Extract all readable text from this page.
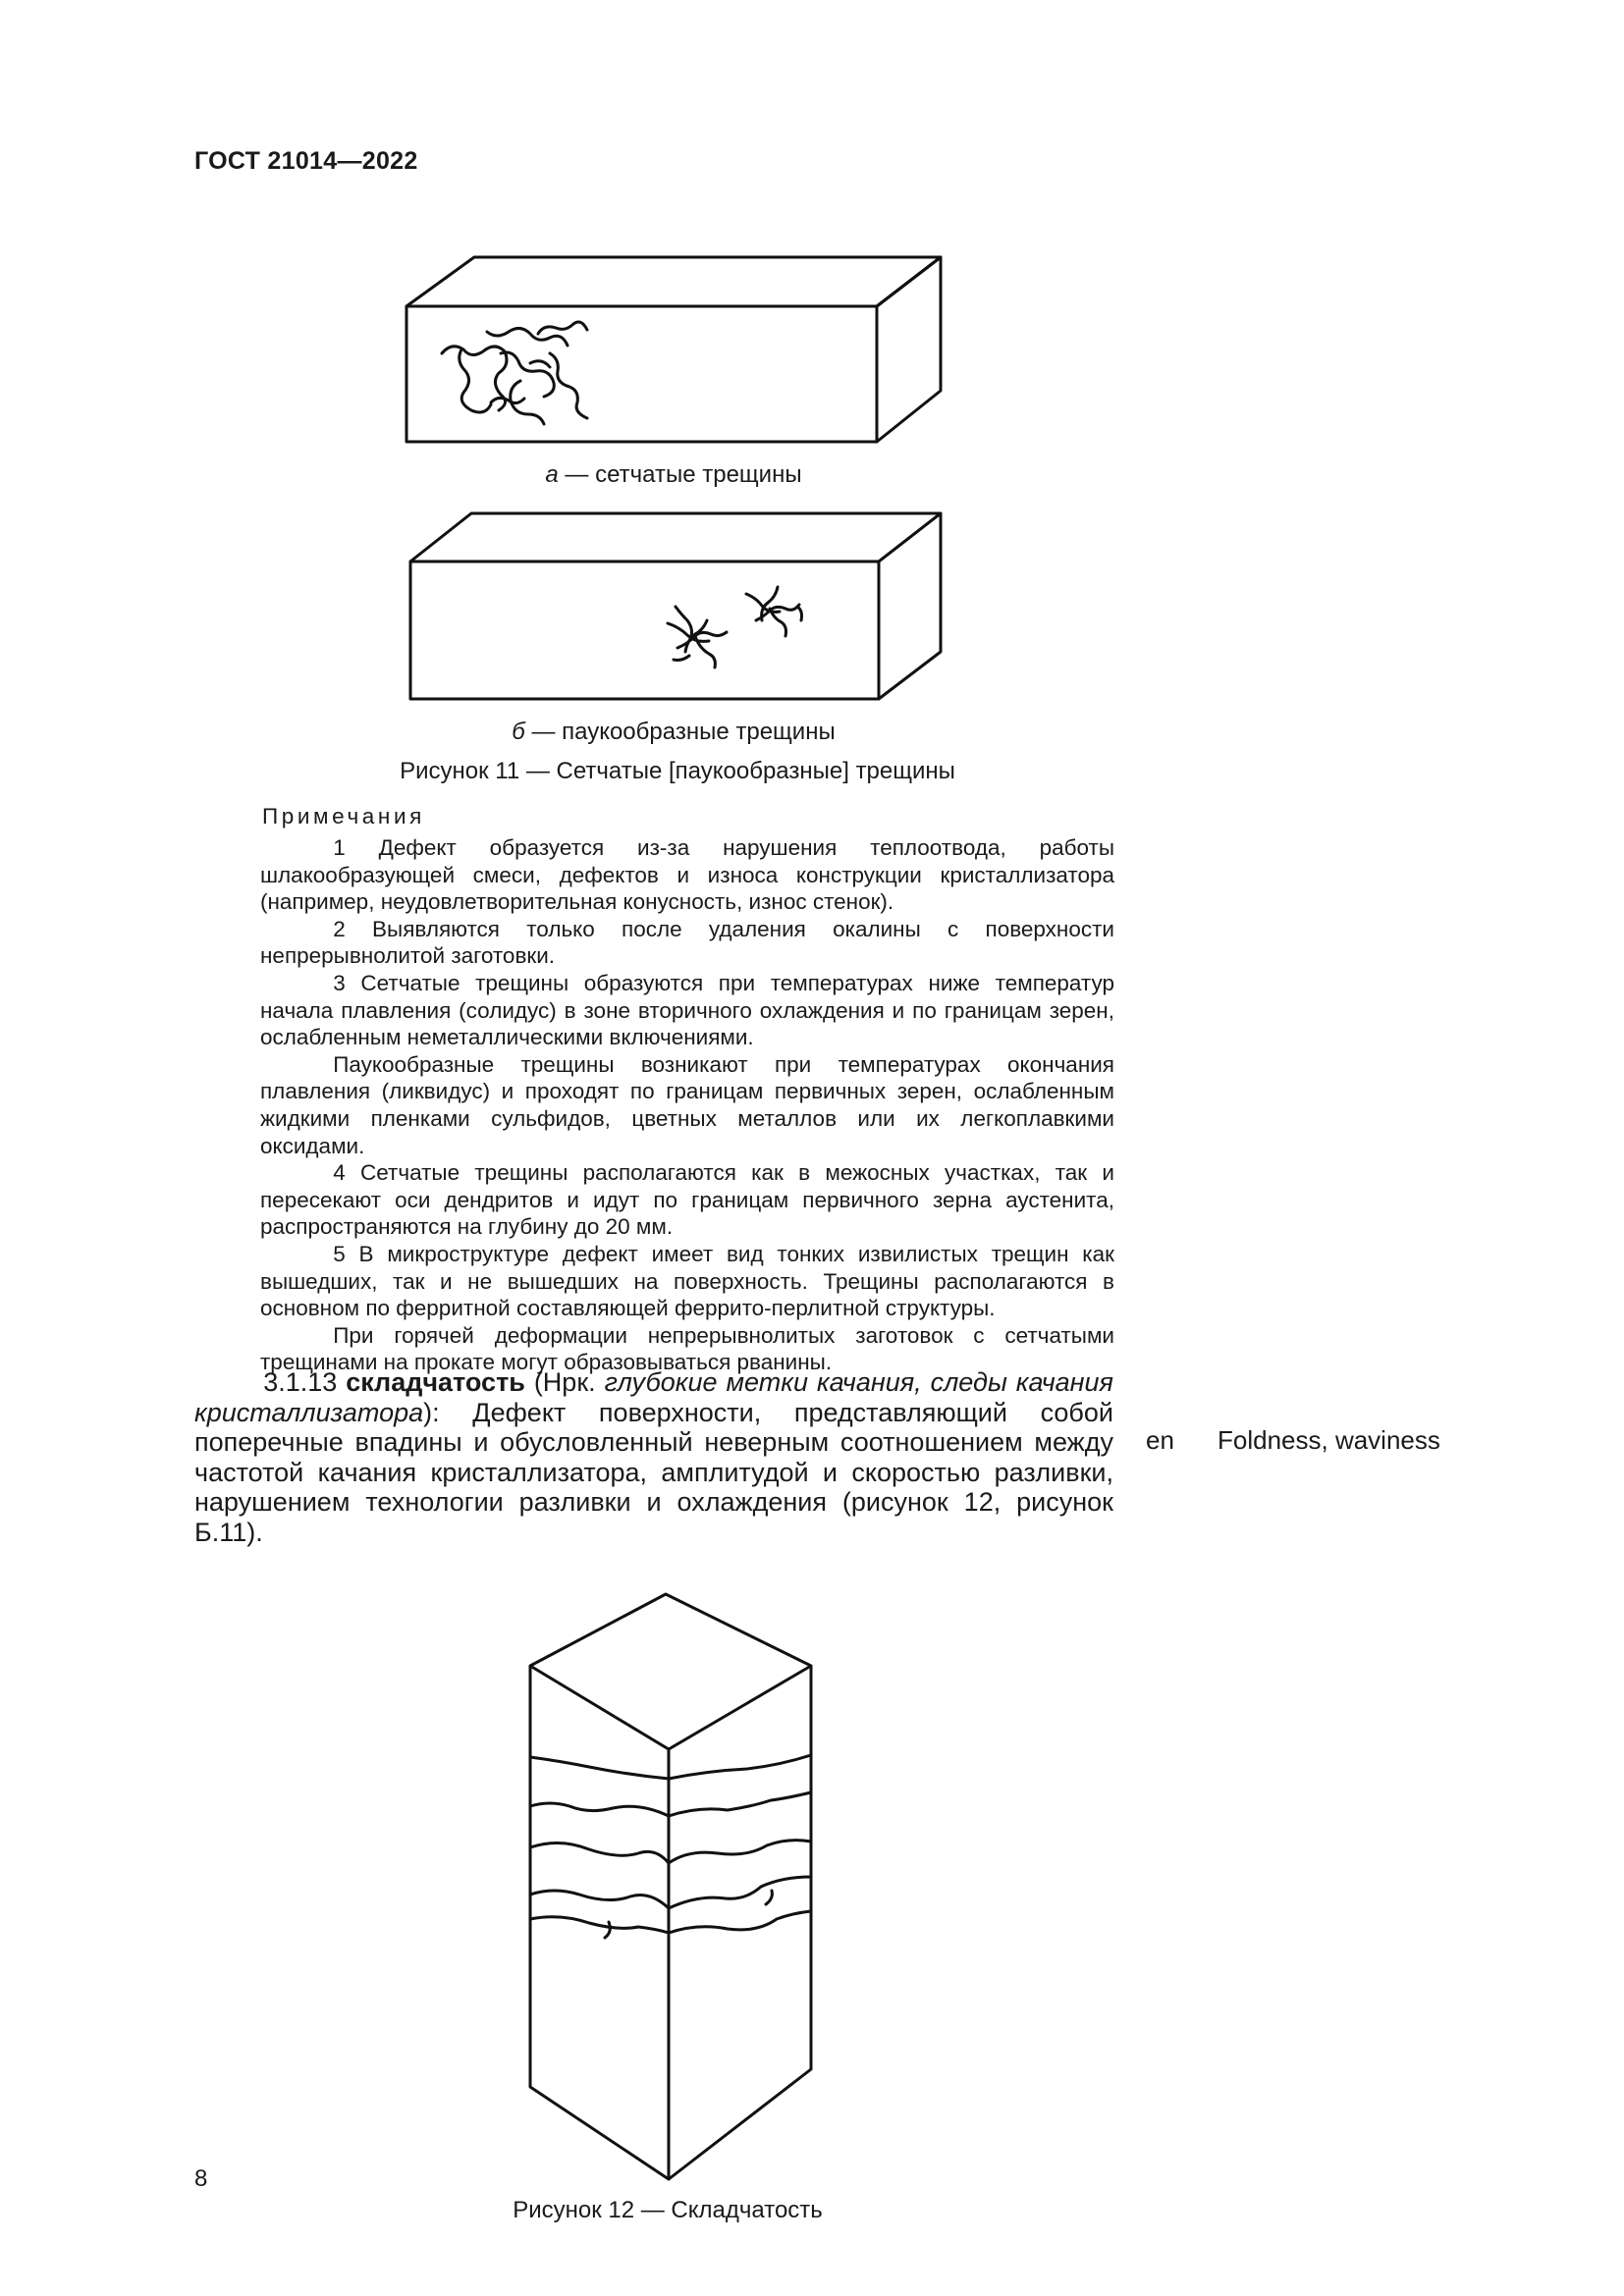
ГОСТ 21014—2022
а — сетчатые трещины
б — паукообразные трещины
Рисунок 11 — Сетчатые [паукообразные] трещины
Примечания

1 Дефект образуется из-за нарушения теплоотвода, работы шлакообразующей смеси, дефектов и износа конструкции кристаллизатора (например, неудовлетворительная конусность, износ стенок).

2 Выявляются только после удаления окалины с поверхности непрерывнолитой заготовки.

3 Сетчатые трещины образуются при температурах ниже температур начала плавления (солидус) в зоне вторичного охлаждения и по границам зерен, ослабленным неметаллическими включениями.

Паукообразные трещины возникают при температурах окончания плавления (ликвидус) и проходят по границам первичных зерен, ослабленным жидкими пленками сульфидов, цветных металлов или их легкоплавкими оксидами.

4 Сетчатые трещины располагаются как в межосных участках, так и пересекают оси дендритов и идут по границам первичного зерна аустенита, распространяются на глубину до 20 мм.

5 В микроструктуре дефект имеет вид тонких извилистых трещин как вышедших, так и не вышедших на поверхность. Трещины располагаются в основном по ферритной составляющей феррито-перлитной структуры.

При горячей деформации непрерывнолитых заготовок с сетчатыми трещинами на прокате могут образовываться рванины.

3.1.13 складчатость (Нрк. глубокие метки качания, следы качания кристаллизатора): Дефект поверхности, представляющий собой поперечные впадины и обусловленный неверным соотношением между частотой качания кристаллизатора, амплитудой и скоростью разливки, нарушением технологии разливки и охлаждения (рисунок 12, рисунок Б.11).

en Foldness, waviness
Рисунок 12 — Складчатость
8
